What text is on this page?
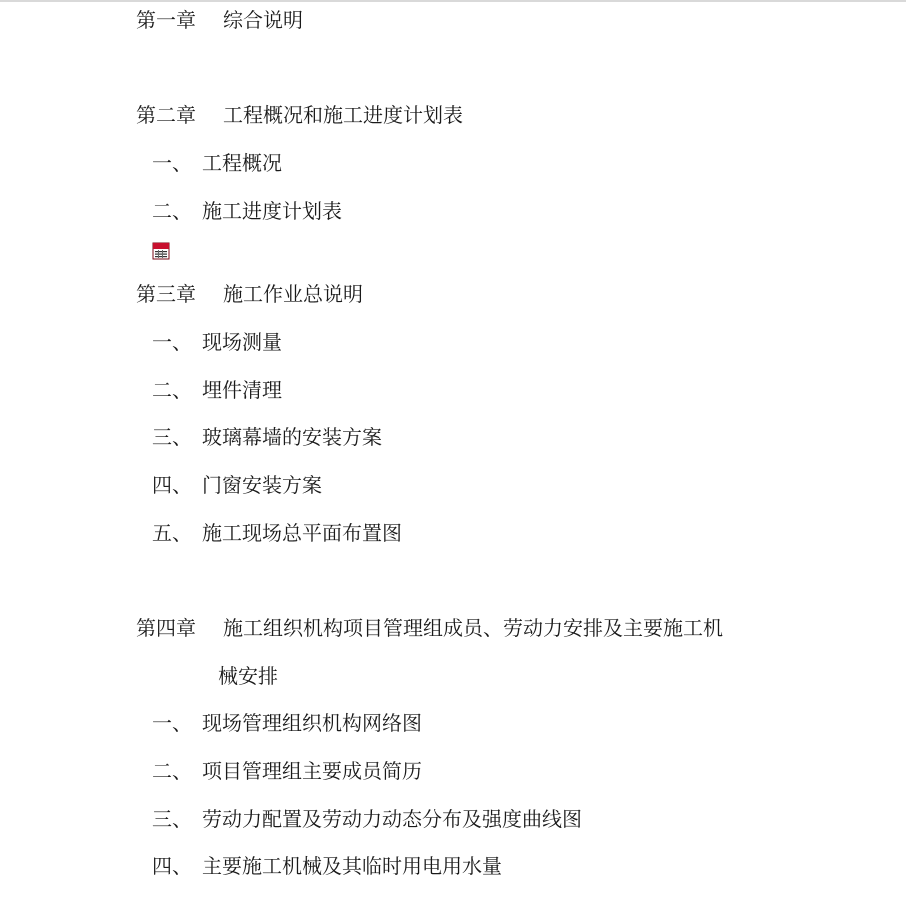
第一章 综合说明
第二章 工程概况和施工进度计划表
一、 工程概况
二、 施工进度计划表
第三章 施工作业总说明
一、 现场测量
二、 埋件清理
三、 玻璃幕墙的安装方案
四、 门窗安装方案
五、 施工现场总平面布置图
第四章 施工组织机构项目管理组成员、劳动力安排及主要施工机
械安排
一、 现场管理组织机构网络图
二、 项目管理组主要成员简历
三、 劳动力配置及劳动力动态分布及强度曲线图
四、 主要施工机械及其临时用电用水量
